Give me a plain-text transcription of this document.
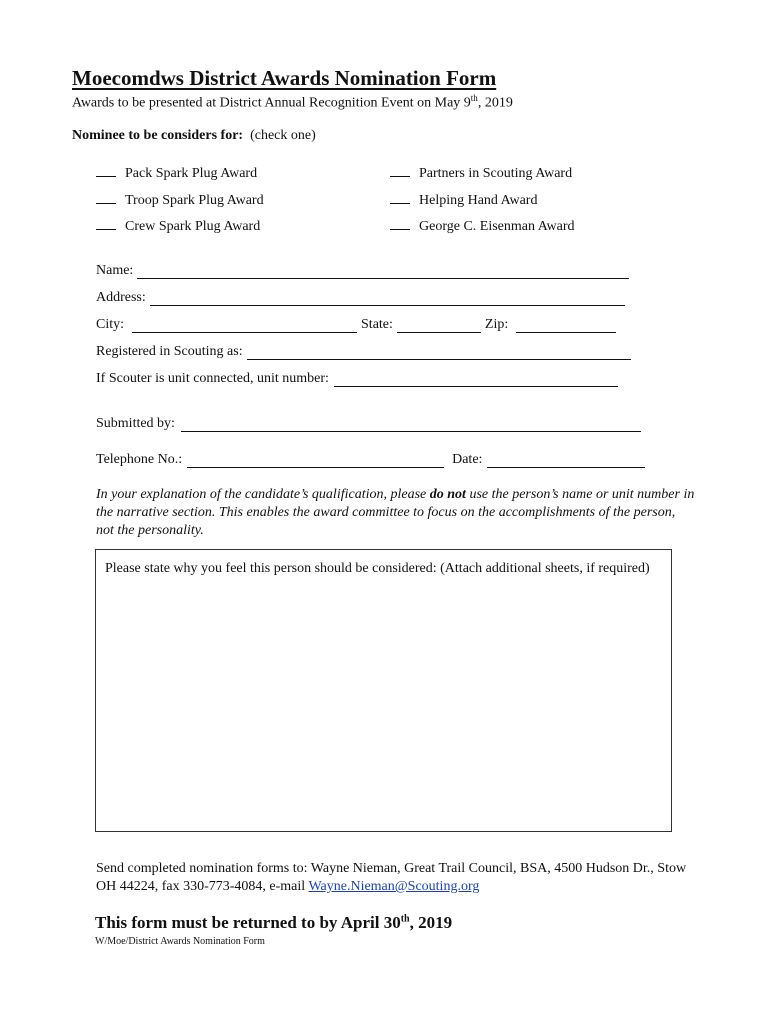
Moecomdws District Awards Nomination Form
Awards to be presented at District Annual Recognition Event on May 9th, 2019
Nominee to be considers for: (check one)
Pack Spark Plug Award
Troop Spark Plug Award
Crew Spark Plug Award
Partners in Scouting Award
Helping Hand Award
George C. Eisenman Award
Name:
Address:
City:	State:	Zip:
Registered in Scouting as:
If Scouter is unit connected, unit number:
Submitted by:
Telephone No.:	Date:
In your explanation of the candidate’s qualification, please do not use the person’s name or unit number in the narrative section. This enables the award committee to focus on the accomplishments of the person, not the personality.
Please state why you feel this person should be considered: (Attach additional sheets, if required)
Send completed nomination forms to: Wayne Nieman, Great Trail Council, BSA, 4500 Hudson Dr., Stow OH 44224, fax 330-773-4084, e-mail Wayne.Nieman@Scouting.org
This form must be returned to by April 30th, 2019
W/Moe/District Awards Nomination Form
